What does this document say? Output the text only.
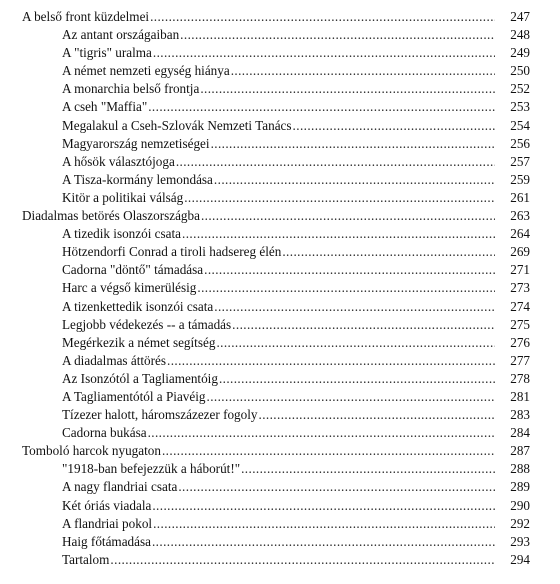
A belső front küzdelmei .....	247
Az antant országaiban .....	248
A "tigris" uralma .....	249
A német nemzeti egység hiánya .....	250
A monarchia belső frontja .....	252
A cseh "Maffia" .....	253
Megalakul a Cseh-Szlovák Nemzeti Tanács .....	254
Magyarország nemzetiségei .....	256
A hősök választójoga .....	257
A Tisza-kormány lemondása .....	259
Kitör a politikai válság .....	261
Diadalmas betörés Olaszországba .....	263
A tizedik isonzói csata .....	264
Hötzendorfi Conrad a tiroli hadsereg élén .....	269
Cadorna "döntő" támadása .....	271
Harc a végső kimerülésig .....	273
A tizenkettedik isonzói csata .....	274
Legjobb védekezés -- a támadás .....	275
Megérkezik a német segítség .....	276
A diadalmas áttörés .....	277
Az Isonzótól a Tagliamentóig .....	278
A Tagliamentótól a Piavéig .....	281
Tízezer halott, háromszázezer fogoly .....	283
Cadorna bukása .....	284
Tomboló harcok nyugaton .....	287
"1918-ban befejezzük a háborút!" .....	288
A nagy flandriai csata .....	289
Két óriás viadala .....	290
A flandriai pokol .....	292
Haig főtámadása .....	293
Tartalom .....	294
